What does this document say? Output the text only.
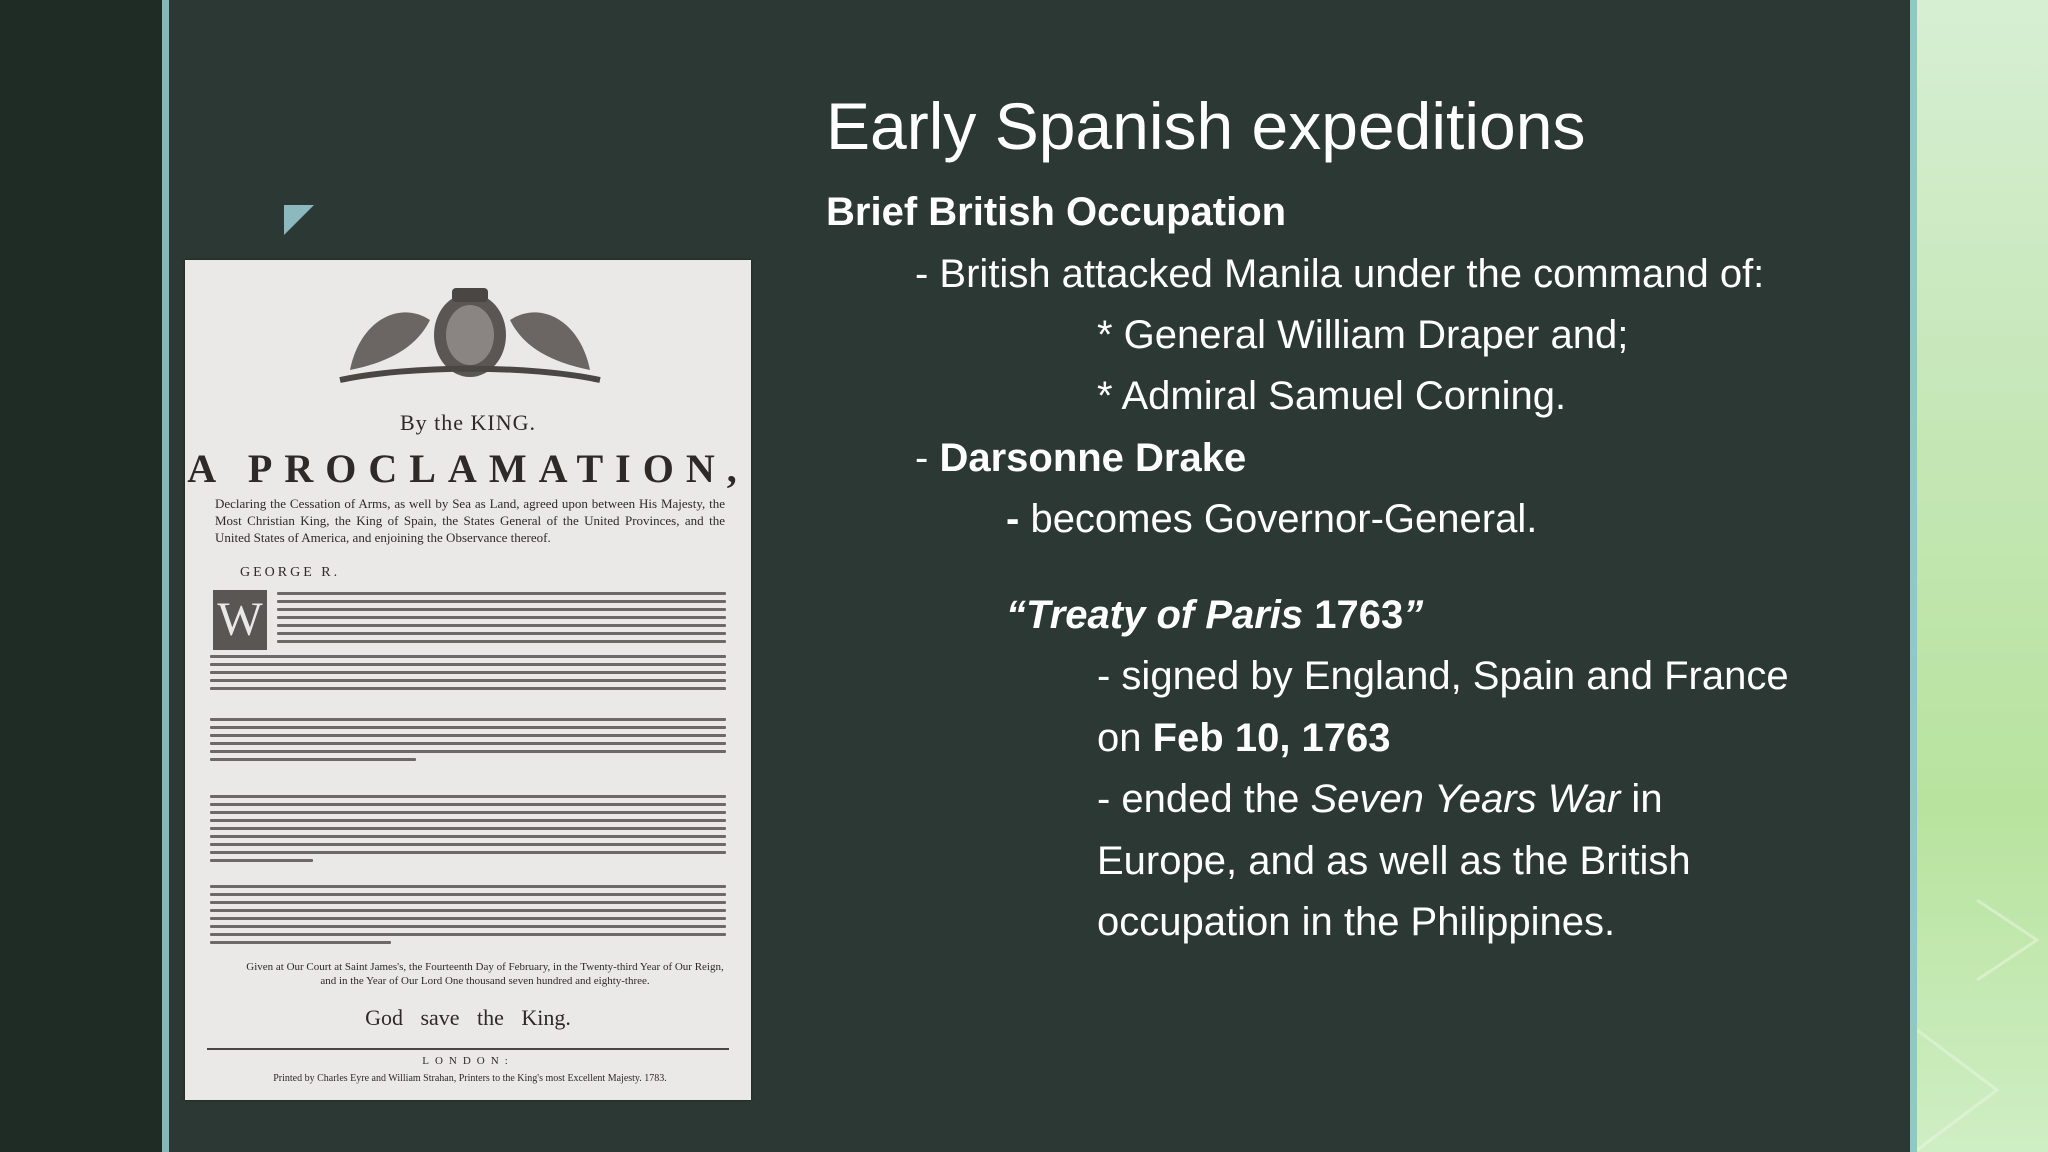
By the KING.
A PROCLAMATION,
Declaring the Cessation of Arms, as well by Sea as Land, agreed upon between His Majesty, the Most Christian King, the King of Spain, the States General of the United Provinces, and the United States of America, and enjoining the Observance thereof.
GEORGE R.
W
Given at Our Court at Saint James's, the Fourteenth Day of February, in the Twenty-third Year of Our Reign, and in the Year of Our Lord One thousand seven hundred and eighty-three.
God save the King.
LONDON:
Printed by Charles Eyre and William Strahan, Printers to the King's most Excellent Majesty. 1783.
Early Spanish expeditions
Brief British Occupation
- British attacked Manila under the command of:
* General William Draper and;
* Admiral Samuel Corning.
- Darsonne Drake
- becomes Governor-General.
“Treaty of Paris 1763”
- signed by England, Spain and France
on Feb 10, 1763
- ended the Seven Years War in
Europe, and as well as the British
occupation in the Philippines.
